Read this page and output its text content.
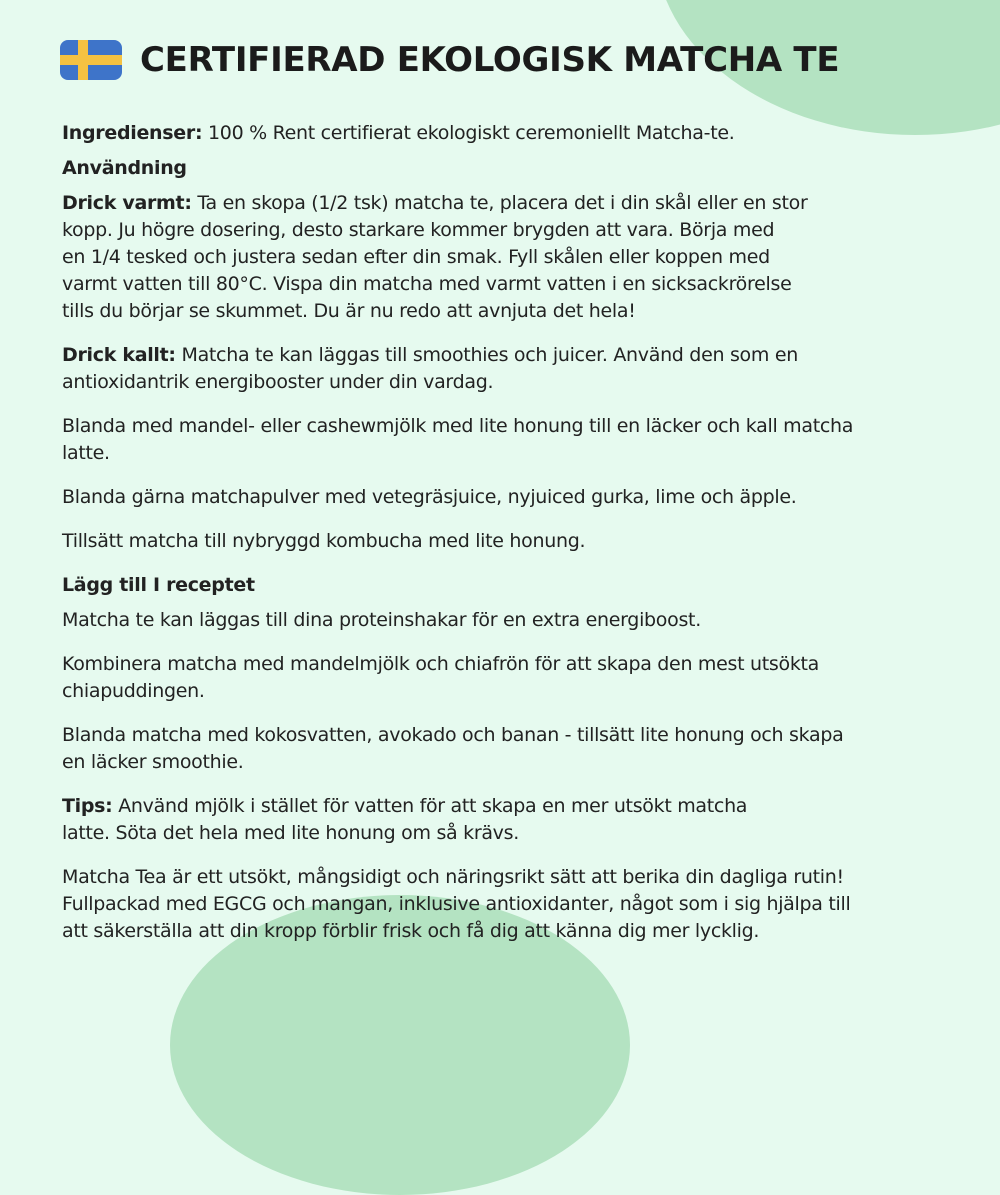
CERTIFIERAD EKOLOGISK MATCHA TE

Ingredienser: 100 % Rent certifierat ekologiskt ceremoniellt Matcha-te.

Användning

Drick varmt: Ta en skopa (1/2 tsk) matcha te, placera det i din skål eller en stor
kopp. Ju högre dosering, desto starkare kommer brygden att vara. Börja med
en 1/4 tesked och justera sedan efter din smak. Fyll skålen eller koppen med
varmt vatten till 80°C. Vispa din matcha med varmt vatten i en sicksackrörelse
tills du börjar se skummet. Du är nu redo att avnjuta det hela!

Drick kallt: Matcha te kan läggas till smoothies och juicer. Använd den som en
antioxidantrik energibooster under din vardag.

Blanda med mandel- eller cashewmjölk med lite honung till en läcker och kall matcha
latte.

Blanda gärna matchapulver med vetegräsjuice, nyjuiced gurka, lime och äpple.

Tillsätt matcha till nybryggd kombucha med lite honung.

Lägg till I receptet

Matcha te kan läggas till dina proteinshakar för en extra energiboost.

Kombinera matcha med mandelmjölk och chiafrön för att skapa den mest utsökta
chiapuddingen.

Blanda matcha med kokosvatten, avokado och banan - tillsätt lite honung och skapa
en läcker smoothie.

Tips: Använd mjölk i stället för vatten för att skapa en mer utsökt matcha
latte. Söta det hela med lite honung om så krävs.

Matcha Tea är ett utsökt, mångsidigt och näringsrikt sätt att berika din dagliga rutin!
Fullpackad med EGCG och mangan, inklusive antioxidanter, något som i sig hjälpa till
att säkerställa att din kropp förblir frisk och få dig att känna dig mer lycklig.
